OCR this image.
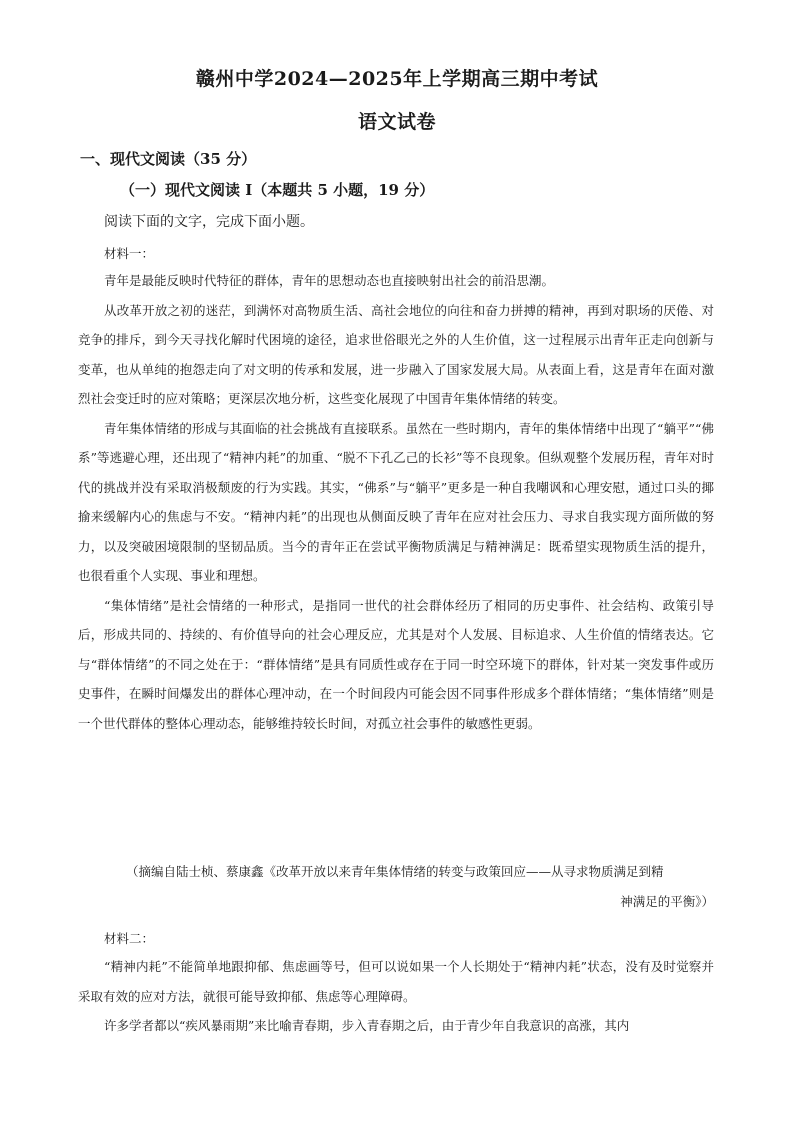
赣州中学2024—2025年上学期高三期中考试
语文试卷
一、现代文阅读（35 分）
（一）现代文阅读 I（本题共 5 小题，19 分）
阅读下面的文字，完成下面小题。
材料一：

青年是最能反映时代特征的群体，青年的思想动态也直接映射出社会的前沿思潮。

从改革开放之初的迷茫，到满怀对高物质生活、高社会地位的向往和奋力拼搏的精神，再到对职场的厌倦、对竞争的排斥，到今天寻找化解时代困境的途径，追求世俗眼光之外的人生价值，这一过程展示出青年正走向创新与变革，也从单纯的抱怨走向了对文明的传承和发展，进一步融入了国家发展大局。从表面上看，这是青年在面对激烈社会变迁时的应对策略；更深层次地分析，这些变化展现了中国青年集体情绪的转变。

青年集体情绪的形成与其面临的社会挑战有直接联系。虽然在一些时期内，青年的集体情绪中出现了“躺平”“佛系”等逃避心理，还出现了“精神内耗”的加重、“脱不下孔乙己的长衫”等不良现象。但纵观整个发展历程，青年对时代的挑战并没有采取消极颓废的行为实践。其实，“佛系”与“躺平”更多是一种自我嘲讽和心理安慰，通过口头的揶揄来缓解内心的焦虑与不安。“精神内耗”的出现也从侧面反映了青年在应对社会压力、寻求自我实现方面所做的努力，以及突破困境限制的坚韧品质。当今的青年正在尝试平衡物质满足与精神满足：既希望实现物质生活的提升，也很看重个人实现、事业和理想。

“集体情绪”是社会情绪的一种形式，是指同一世代的社会群体经历了相同的历史事件、社会结构、政策引导后，形成共同的、持续的、有价值导向的社会心理反应，尤其是对个人发展、目标追求、人生价值的情绪表达。它与“群体情绪”的不同之处在于：“群体情绪”是具有同质性或存在于同一时空环境下的群体，针对某一突发事件或历史事件，在瞬时间爆发出的群体心理冲动，在一个时间段内可能会因不同事件形成多个群体情绪；“集体情绪”则是一个世代群体的整体心理动态，能够维持较长时间，对孤立社会事件的敏感性更弱。

（摘编自陆士桢、蔡康鑫《改革开放以来青年集体情绪的转变与政策回应——从寻求物质满足到精
神满足的平衡》）
材料二：

“精神内耗”不能简单地跟抑郁、焦虑画等号，但可以说如果一个人长期处于“精神内耗”状态，没有及时觉察并采取有效的应对方法，就很可能导致抑郁、焦虑等心理障碍。

许多学者都以“疾风暴雨期”来比喻青春期，步入青春期之后，由于青少年自我意识的高涨，其内
